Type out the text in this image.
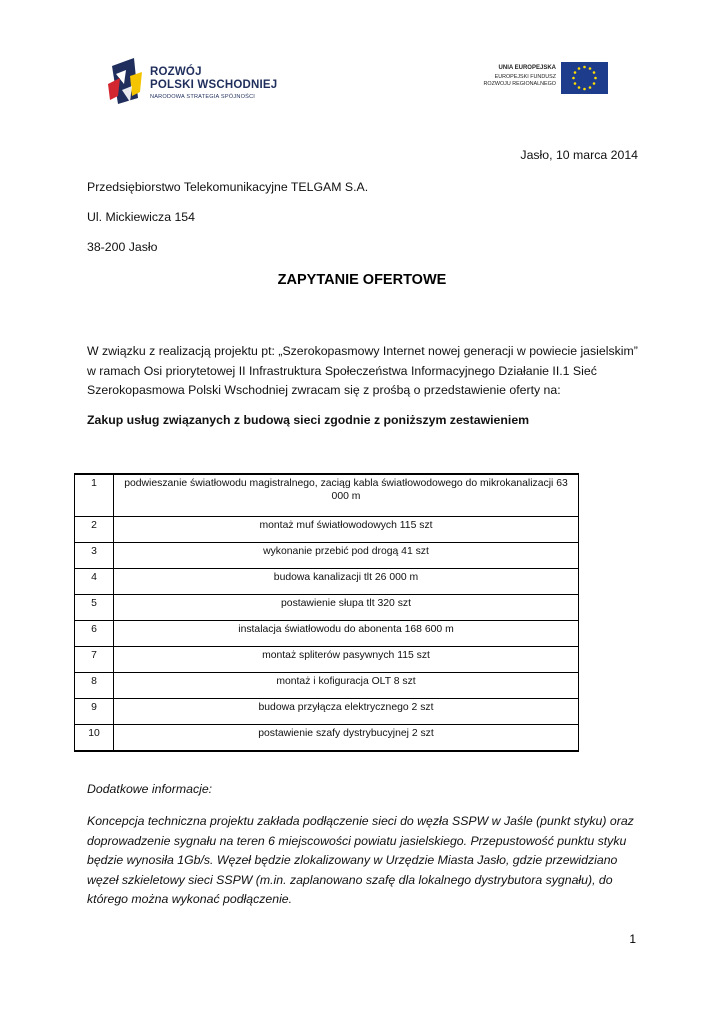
ROZWÓJ
POLSKI WSCHODNIEJ
NARODOWA STRATEGIA SPÓJNOŚCI
UNIA EUROPEJSKA
EUROPEJSKI FUNDUSZ
ROZWOJU REGIONALNEGO
Jasło, 10 marca 2014
Przedsiębiorstwo Telekomunikacyjne TELGAM S.A.
Ul. Mickiewicza 154
38-200 Jasło
ZAPYTANIE OFERTOWE
W związku z realizacją projektu pt: „Szerokopasmowy Internet nowej generacji w powiecie jasielskim” w ramach Osi priorytetowej II Infrastruktura Społeczeństwa Informacyjnego Działanie II.1 Sieć Szerokopasmowa Polski Wschodniej zwracam się z prośbą o przedstawienie oferty na:
Zakup usług związanych z budową sieci zgodnie z poniższym zestawieniem
1	podwieszanie światłowodu magistralnego, zaciąg kabla światłowodowego do mikrokanalizacji 63 000 m
2	montaż muf światłowodowych 115 szt
3	wykonanie przebić pod drogą 41 szt
4	budowa kanalizacji tlt 26 000 m
5	postawienie słupa tlt 320 szt
6	instalacja światłowodu do abonenta 168 600 m
7	montaż spliterów pasywnych 115 szt
8	montaż i kofiguracja OLT 8 szt
9	budowa przyłącza elektrycznego 2 szt
10	postawienie szafy dystrybucyjnej 2 szt
Dodatkowe informacje:
Koncepcja techniczna projektu zakłada podłączenie sieci do węzła SSPW w Jaśle (punkt styku) oraz doprowadzenie sygnału na teren 6 miejscowości powiatu jasielskiego. Przepustowość punktu styku będzie wynosiła 1Gb/s. Węzeł będzie zlokalizowany w Urzędzie Miasta Jasło, gdzie przewidziano węzeł szkieletowy sieci SSPW (m.in. zaplanowano szafę dla lokalnego dystrybutora sygnału), do którego można wykonać podłączenie.
1
